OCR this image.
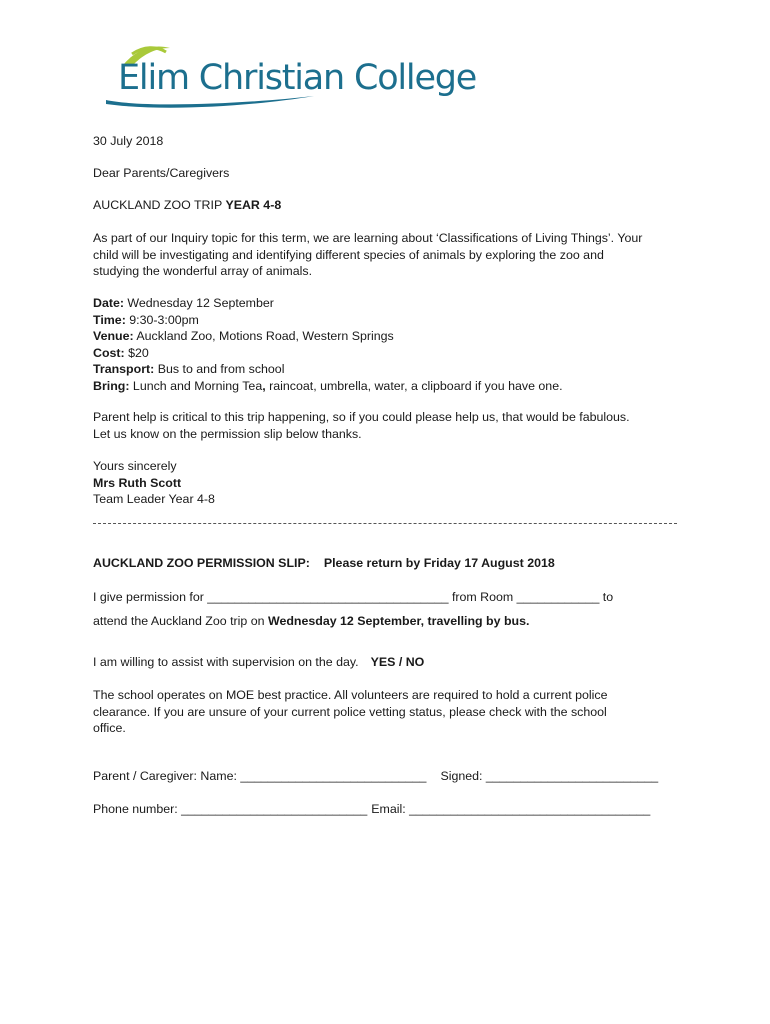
Elim Christian College
30 July 2018
Dear Parents/Caregivers
AUCKLAND ZOO TRIP YEAR 4-8
As part of our Inquiry topic for this term, we are learning about ‘Classifications of Living Things’. Your
child will be investigating and identifying different species of animals by exploring the zoo and
studying the wonderful array of animals.
Date: Wednesday 12 September
Time: 9:30-3:00pm
Venue: Auckland Zoo, Motions Road, Western Springs
Cost: $20
Transport: Bus to and from school
Bring: Lunch and Morning Tea, raincoat, umbrella, water, a clipboard if you have one.
Parent help is critical to this trip happening, so if you could please help us, that would be fabulous.
Let us know on the permission slip below thanks.
Yours sincerely
Mrs Ruth Scott
Team Leader Year 4-8
AUCKLAND ZOO PERMISSION SLIP: Please return by Friday 17 August 2018
I give permission for ___________________________________ from Room ____________ to
attend the Auckland Zoo trip on Wednesday 12 September, travelling by bus.
I am willing to assist with supervision on the day. YES / NO
The school operates on MOE best practice. All volunteers are required to hold a current police
clearance. If you are unsure of your current police vetting status, please check with the school
office.
Parent / Caregiver: Name: ___________________________ Signed: _________________________
Phone number: ___________________________ Email: ___________________________________
